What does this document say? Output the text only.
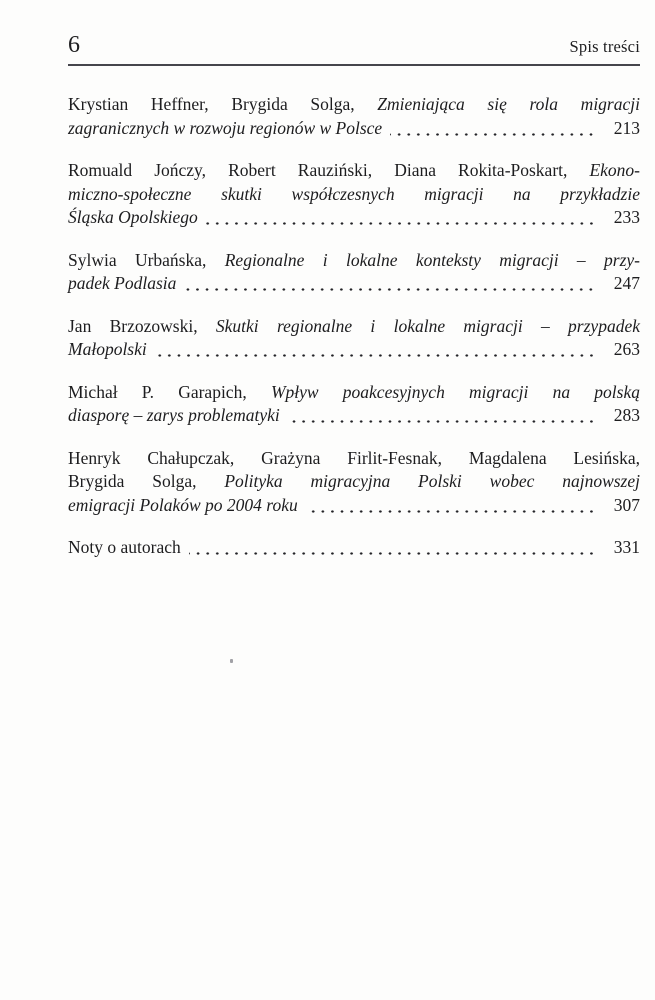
6	Spis treści
Krystian Heffner, Brygida Solga, Zmieniająca się rola migracji
zagranicznych w rozwoju regionów w Polsce	213
Romuald Jończy, Robert Rauziński, Diana Rokita-Poskart, Ekono-
miczno-społeczne skutki współczesnych migracji na przykładzie
Śląska Opolskiego	233
Sylwia Urbańska, Regionalne i lokalne konteksty migracji – przy-
padek Podlasia	247
Jan Brzozowski, Skutki regionalne i lokalne migracji – przypadek
Małopolski	263
Michał P. Garapich, Wpływ poakcesyjnych migracji na polską
diasporę – zarys problematyki	283
Henryk Chałupczak, Grażyna Firlit-Fesnak, Magdalena Lesińska,
Brygida Solga, Polityka migracyjna Polski wobec najnowszej
emigracji Polaków po 2004 roku	307
Noty o autorach	331
